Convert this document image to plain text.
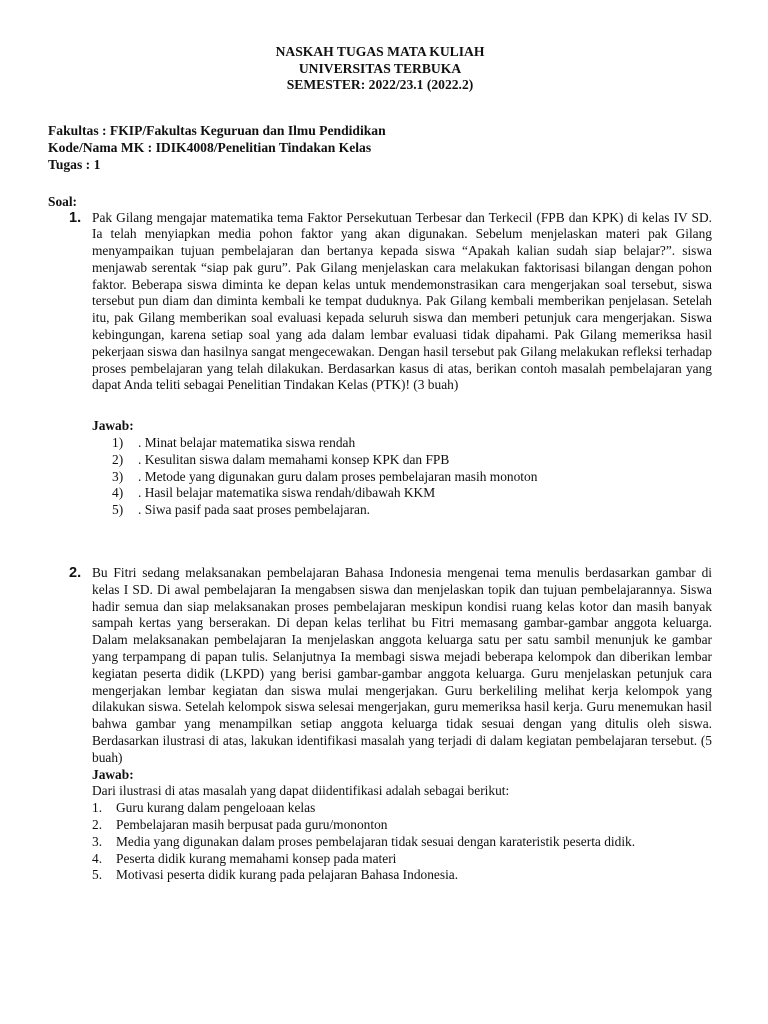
NASKAH TUGAS MATA KULIAH
UNIVERSITAS TERBUKA
SEMESTER: 2022/23.1 (2022.2)
Fakultas : FKIP/Fakultas Keguruan dan Ilmu Pendidikan
Kode/Nama MK : IDIK4008/Penelitian Tindakan Kelas
Tugas : 1
Soal:
1. Pak Gilang mengajar matematika tema Faktor Persekutuan Terbesar dan Terkecil (FPB dan KPK) di kelas IV SD. Ia telah menyiapkan media pohon faktor yang akan digunakan. Sebelum menjelaskan materi pak Gilang menyampaikan tujuan pembelajaran dan bertanya kepada siswa “Apakah kalian sudah siap belajar?”. siswa menjawab serentak “siap pak guru”. Pak Gilang menjelaskan cara melakukan faktorisasi bilangan dengan pohon faktor. Beberapa siswa diminta ke depan kelas untuk mendemonstrasikan cara mengerjakan soal tersebut, siswa tersebut pun diam dan diminta kembali ke tempat duduknya. Pak Gilang kembali memberikan penjelasan. Setelah itu, pak Gilang memberikan soal evaluasi kepada seluruh siswa dan memberi petunjuk cara mengerjakan. Siswa kebingungan, karena setiap soal yang ada dalam lembar evaluasi tidak dipahami. Pak Gilang memeriksa hasil pekerjaan siswa dan hasilnya sangat mengecewakan. Dengan hasil tersebut pak Gilang melakukan refleksi terhadap proses pembelajaran yang telah dilakukan. Berdasarkan kasus di atas, berikan contoh masalah pembelajaran yang dapat Anda teliti sebagai Penelitian Tindakan Kelas (PTK)! (3 buah)

Jawab:
1)	. Minat belajar matematika siswa rendah
2)	. Kesulitan siswa dalam memahami konsep KPK dan FPB
3)	. Metode yang digunakan guru dalam proses pembelajaran masih monoton
4)	. Hasil belajar matematika siswa rendah/dibawah KKM
5)	. Siwa pasif pada saat proses pembelajaran.
2. Bu Fitri sedang melaksanakan pembelajaran Bahasa Indonesia mengenai tema menulis berdasarkan gambar di kelas I SD. Di awal pembelajaran Ia mengabsen siswa dan menjelaskan topik dan tujuan pembelajarannya. Siswa hadir semua dan siap melaksanakan proses pembelajaran meskipun kondisi ruang kelas kotor dan masih banyak sampah kertas yang berserakan. Di depan kelas terlihat bu Fitri memasang gambar-gambar anggota keluarga. Dalam melaksanakan pembelajaran Ia menjelaskan anggota keluarga satu per satu sambil menunjuk ke gambar yang terpampang di papan tulis. Selanjutnya Ia membagi siswa mejadi beberapa kelompok dan diberikan lembar kegiatan peserta didik (LKPD) yang berisi gambar-gambar anggota keluarga. Guru menjelaskan petunjuk cara mengerjakan lembar kegiatan dan siswa mulai mengerjakan. Guru berkeliling melihat kerja kelompok yang dilakukan siswa. Setelah kelompok siswa selesai mengerjakan, guru memeriksa hasil kerja. Guru menemukan hasil bahwa gambar yang menampilkan setiap anggota keluarga tidak sesuai dengan yang ditulis oleh siswa. Berdasarkan ilustrasi di atas, lakukan identifikasi masalah yang terjadi di dalam kegiatan pembelajaran tersebut. (5 buah)

Jawab:
Dari ilustrasi di atas masalah yang dapat diidentifikasi adalah sebagai berikut:
1.	Guru kurang dalam pengeloaan kelas
2.	Pembelajaran masih berpusat pada guru/mononton
3.	Media yang digunakan dalam proses pembelajaran tidak sesuai dengan karateristik peserta didik.
4.	Peserta didik kurang memahami konsep pada materi
5.	Motivasi peserta didik kurang pada pelajaran Bahasa Indonesia.
